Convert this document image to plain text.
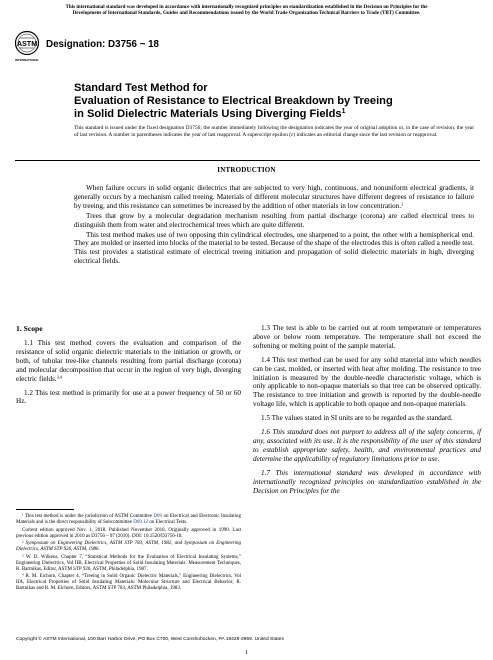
This international standard was developed in accordance with internationally recognized principles on standardization established in the Decision on Principles for the
Development of International Standards, Guides and Recommendations issued by the World Trade Organization Technical Barriers to Trade (TBT) Committee.
ASTM
INTERNATIONAL
Designation: D3756 − 18
Standard Test Method for
Evaluation of Resistance to Electrical Breakdown by Treeing
in Solid Dielectric Materials Using Diverging Fields$^1$
This standard is issued under the fixed designation D3756; the number immediately following the designation indicates the year of original adoption or, in the case of revision, the year of last revision. A number in parentheses indicates the year of last reapproval. A superscript epsilon (ε) indicates an editorial change since the last revision or reapproval.
INTRODUCTION

When failure occurs in solid organic dielectrics that are subjected to very high, continuous, and nonuniform electrical gradients, it generally occurs by a mechanism called treeing. Materials of different molecular structures have different degrees of resistance to failure by treeing, and this resistance can sometimes be increased by the addition of other materials in low concentration.$^2$

Trees that grow by a molecular degradation mechanism resulting from partial discharge (corona) are called electrical trees to distinguish them from water and electrochemical trees which are quite different.

This test method makes use of two opposing thin cylindrical electrodes, one sharpened to a point, the other with a hemispherical end. They are molded or inserted into blocks of the material to be tested. Because of the shape of the electrodes this is often called a needle test. This test provides a statistical estimate of electrical treeing initiation and propagation of solid dielectric materials in high, diverging electrical fields.

1. Scope

1.1 This test method covers the evaluation and comparison of the resistance of solid organic dielectric materials to the initiation or growth, or both, of tubular tree-like channels resulting from partial discharge (corona) and molecular decomposition that occur in the region of very high, diverging electric fields.$^{3,4}$

1.2 This test method is primarily for use at a power frequency of 50 or 60 Hz.

$^1$ This test method is under the jurisdiction of ASTM Committee D09 on Electrical and Electronic Insulating Materials and is the direct responsibility of Subcommittee D09.12 on Electrical Tests.

Current edition approved Nov. 1, 2018. Published November 2018. Originally approved in 1990. Last previous edition approved in 2010 as D3756 – 97 (2010). DOI: 10.1520/D3756-18.

$^2$ Symposium on Engineering Dielectrics, ASTM STP 783, ASTM, 1982, and Symposium on Engineering Dielectrics, ASTM STP 926, ASTM, 1986.

$^3$ W. D. Wilkens, Chapter 7, “Statistical Methods for the Evaluation of Electrical Insulating Systems,” Engineering Dielectrics, Vol IIB, Electrical Properties of Solid Insulating Materials. Measurement Techniques, R. Bartnikas, Editor, ASTM STP 926, ASTM, Philadelphia, 1987.

$^4$ R. M. Eichorn, Chapter 4, “Treeing in Solid Organic Dielectric Materials,” Engineering Dielectrics, Vol IIA, Electrical Properties of Solid Insulating Materials: Molecular Structure and Electrical Behavior, R. Bartnikas and R. M. Eichorn, Editors, ASTM STP 783, ASTM Philadelphia, 1983.

1.3 The test is able to be carried out at room temperature or temperatures above or below room temperature. The temperature shall not exceed the softening or melting point of the sample material.

1.4 This test method can be used for any solid material into which needles can be cast, molded, or inserted with heat after molding. The resistance to tree initiation is measured by the double-needle characteristic voltage, which is only applicable to non-opaque materials so that tree can be observed optically. The resistance to tree initiation and growth is reported by the double-needle voltage life, which is applicable to both opaque and non-opaque materials.

1.5 The values stated in SI units are to be regarded as the standard.

1.6 This standard does not purport to address all of the safety concerns, if any, associated with its use. It is the responsibility of the user of this standard to establish appropriate safety, health, and environmental practices and determine the applicability of regulatory limitations prior to use.

1.7 This international standard was developed in accordance with internationally recognized principles on standardization established in the Decision on Principles for the

Copyright © ASTM International, 100 Barr Harbor Drive, PO Box C700, West Conshohocken, PA 19428-2959. United States
1
